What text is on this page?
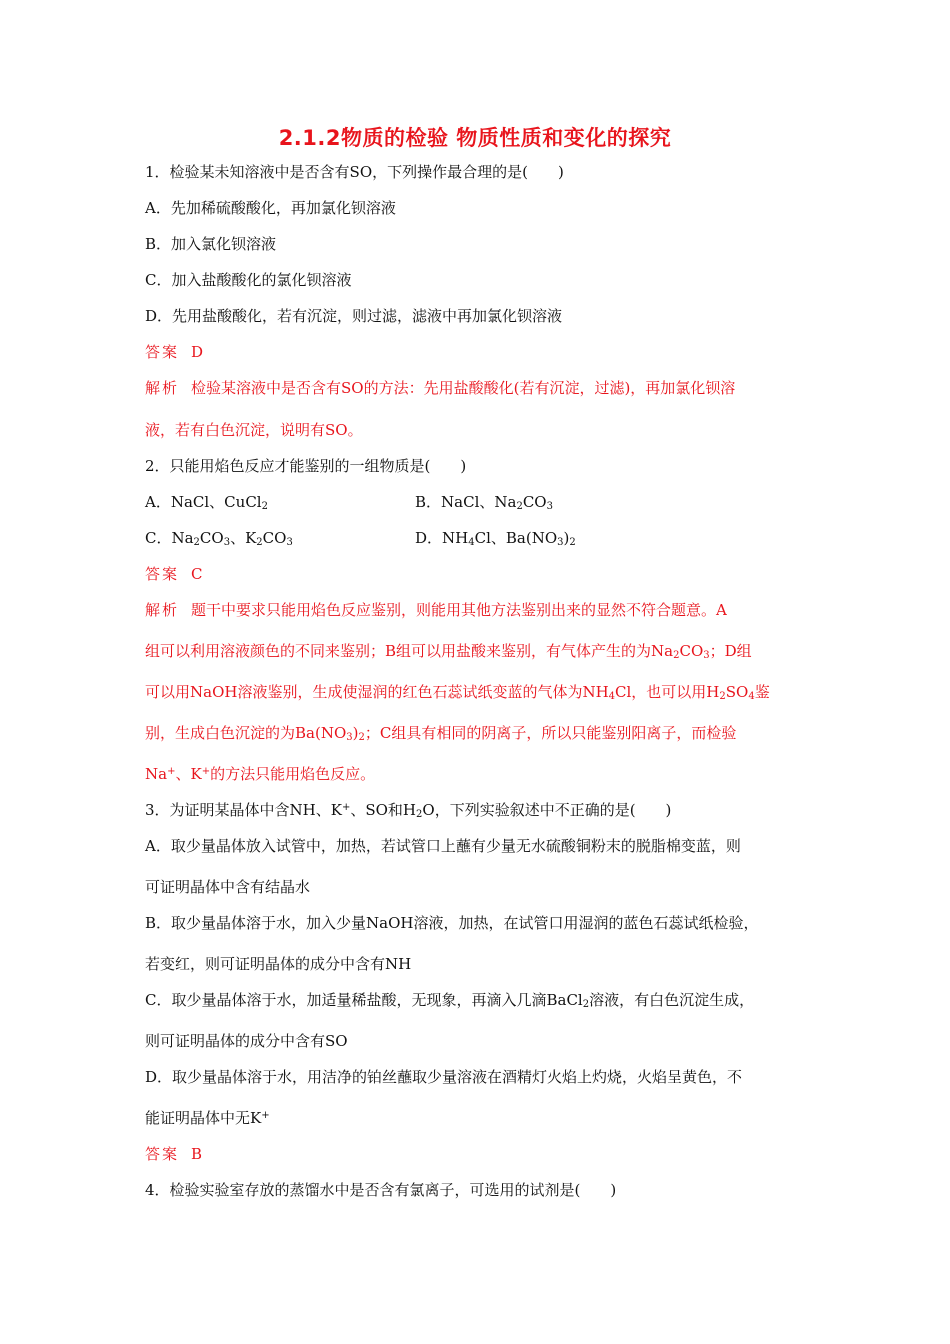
2.1.2物质的检验 物质性质和变化的探究
1．检验某未知溶液中是否含有SO，下列操作最合理的是(　　)
A．先加稀硫酸酸化，再加氯化钡溶液
B．加入氯化钡溶液
C．加入盐酸酸化的氯化钡溶液
D．先用盐酸酸化，若有沉淀，则过滤，滤液中再加氯化钡溶液
答案 D
解析 检验某溶液中是否含有SO的方法：先用盐酸酸化(若有沉淀，过滤)，再加氯化钡溶
液，若有白色沉淀，说明有SO。
2．只能用焰色反应才能鉴别的一组物质是(　　)
A．NaCl、CuCl$_2$	B．NaCl、$Na_2CO_3$
C．$Na_2CO_3$、$K_2CO_3$	D．$NH_4Cl$、$Ba(NO_3)_2$
答案 C
解析 题干中要求只能用焰色反应鉴别，则能用其他方法鉴别出来的显然不符合题意。A
组可以利用溶液颜色的不同来鉴别；B组可以用盐酸来鉴别，有气体产生的为$Na_2CO_3$；D组
可以用NaOH溶液鉴别，生成使湿润的红色石蕊试纸变蓝的气体为$NH_4Cl$，也可以用$H_2SO_4$鉴
别，生成白色沉淀的为$Ba(NO_3)_2$；C组具有相同的阴离子，所以只能鉴别阳离子，而检验
Na+、K+的方法只能用焰色反应。
3．为证明某晶体中含NH、K+、SO和$H_2O$，下列实验叙述中不正确的是(　　)
A．取少量晶体放入试管中，加热，若试管口上蘸有少量无水硫酸铜粉末的脱脂棉变蓝，则
可证明晶体中含有结晶水
B．取少量晶体溶于水，加入少量NaOH溶液，加热，在试管口用湿润的蓝色石蕊试纸检验，
若变红，则可证明晶体的成分中含有NH
C．取少量晶体溶于水，加适量稀盐酸，无现象，再滴入几滴BaCl$_2$溶液，有白色沉淀生成，
则可证明晶体的成分中含有SO
D．取少量晶体溶于水，用洁净的铂丝蘸取少量溶液在酒精灯火焰上灼烧，火焰呈黄色，不
能证明晶体中无K+
答案 B
4．检验实验室存放的蒸馏水中是否含有氯离子，可选用的试剂是(　　)
